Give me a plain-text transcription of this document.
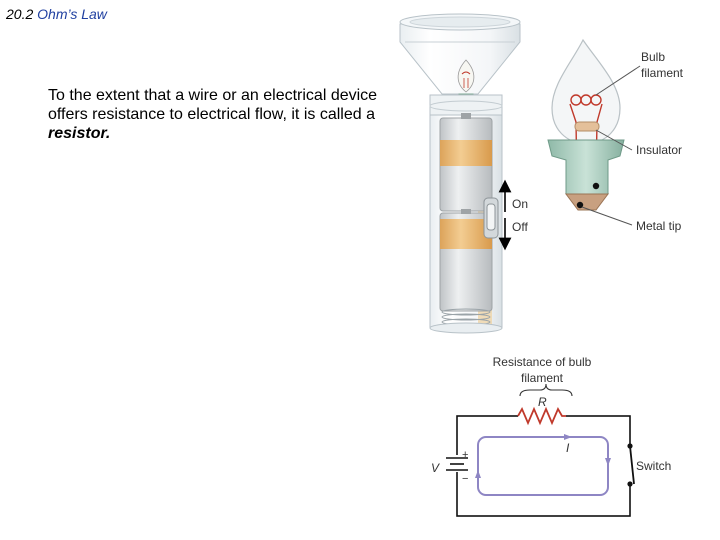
20.2 Ohm’s Law
To the extent that a wire or an electrical device offers resistance to electrical flow, it is called a resistor.
On
Off
Bulb filament
Insulator
Metal tip
R
Resistance of bulb filament
+
−
V	Switch
I
